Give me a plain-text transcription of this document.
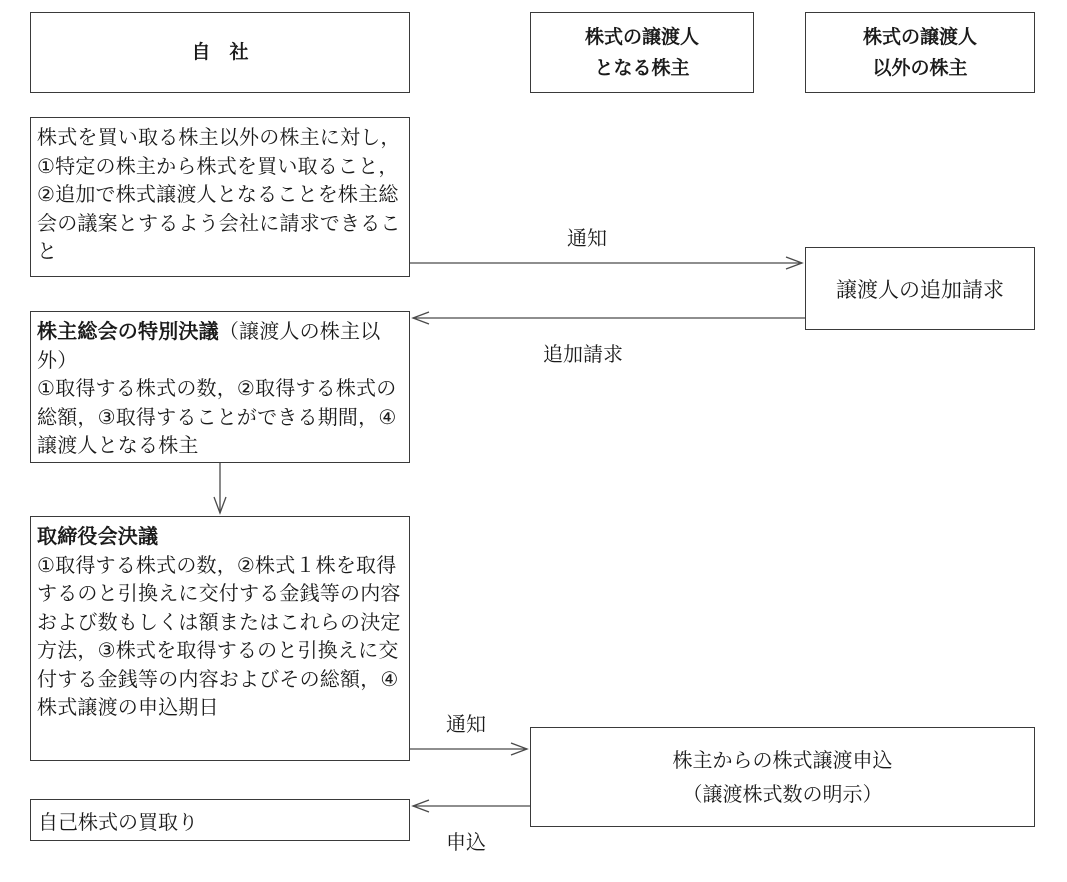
自　社
株式の譲渡人
となる株主
株式の譲渡人
以外の株主
株式を買い取る株主以外の株主に対し，①特定の株主から株式を買い取ること，②追加で株式譲渡人となることを株主総会の議案とするよう会社に請求できること
譲渡人の追加請求
株主総会の特別決議（譲渡人の株主以外）
①取得する株式の数，②取得する株式の総額，③取得することができる期間，④譲渡人となる株主
取締役会決議
①取得する株式の数，②株式１株を取得するのと引換えに交付する金銭等の内容および数もしくは額またはこれらの決定方法，③株式を取得するのと引換えに交付する金銭等の内容およびその総額，④株式譲渡の申込期日
株主からの株式譲渡申込
（譲渡株式数の明示）
自己株式の買取り
通知
追加請求
通知
申込
